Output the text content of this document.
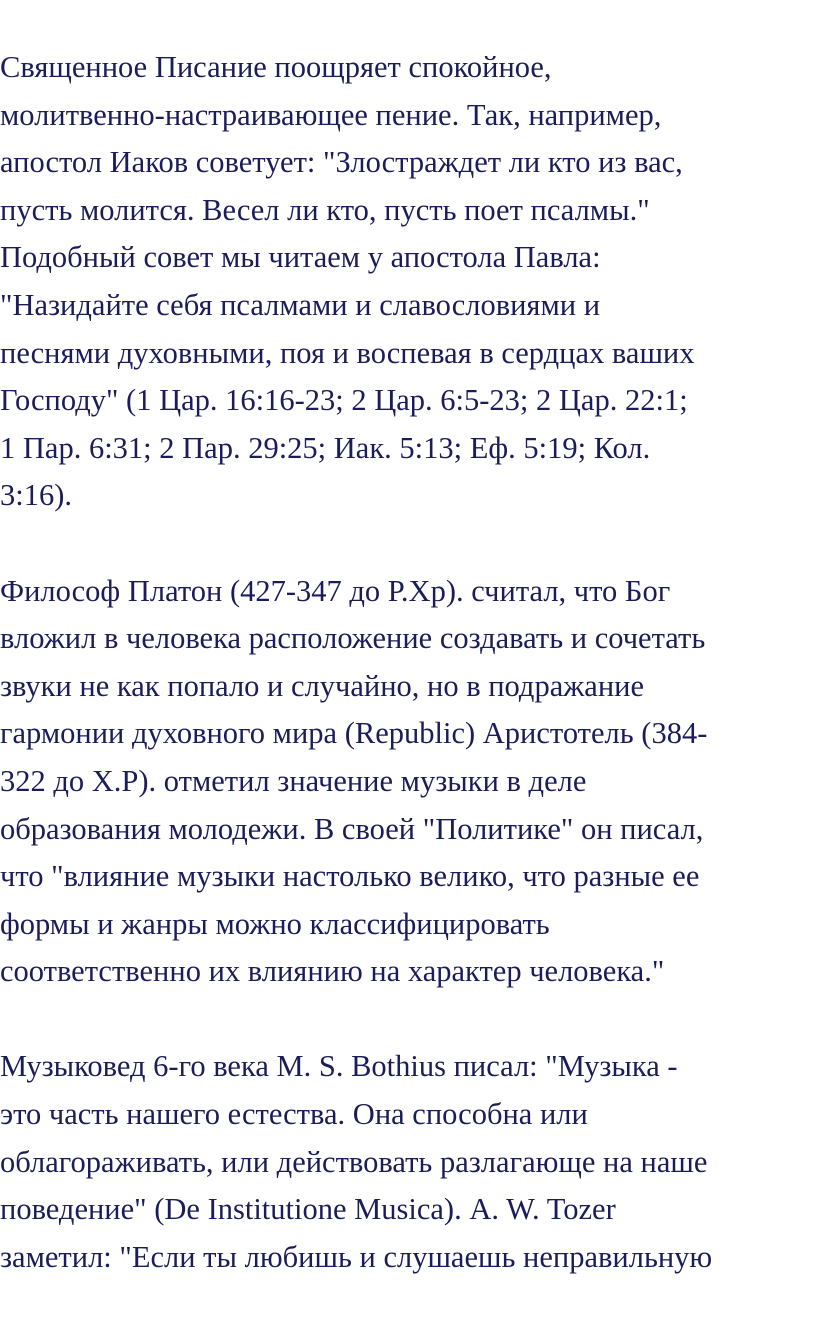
Священное Писание поощряет спокойное,
молитвенно-настраивающее пение. Так, например,
апостол Иаков советует: "Злостраждет ли кто из вас,
пусть молится. Весел ли кто, пусть поет псалмы."
Подобный совет мы читаем у апостола Павла:
"Назидайте себя псалмами и славословиями и
песнями духовными, поя и воспевая в сердцах ваших
Господу" (1 Цар. 16:16-23; 2 Цар. 6:5-23; 2 Цар. 22:1;
1 Пар. 6:31; 2 Пар. 29:25; Иак. 5:13; Еф. 5:19; Кол.
3:16).
Философ Платон (427-347 до Р.Хр). считал, что Бог
вложил в человека расположение создавать и сочетать
звуки не как попало и случайно, но в подражание
гармонии духовного мира (Republic) Аристотель (384-
322 до Х.Р). отметил значение музыки в деле
образования молодежи. В своей "Политике" он писал,
что "влияние музыки настолько велико, что разные ее
формы и жанры можно классифицировать
соответственно их влиянию на характер человека."
Музыковед 6-го века M. S. Bothius писал: "Музыка -
это часть нашего естества. Она способна или
облагораживать, или действовать разлагающе на наше
поведение" (De Institutione Musica). A. W. Tozer
заметил: "Если ты любишь и слушаешь неправильную
